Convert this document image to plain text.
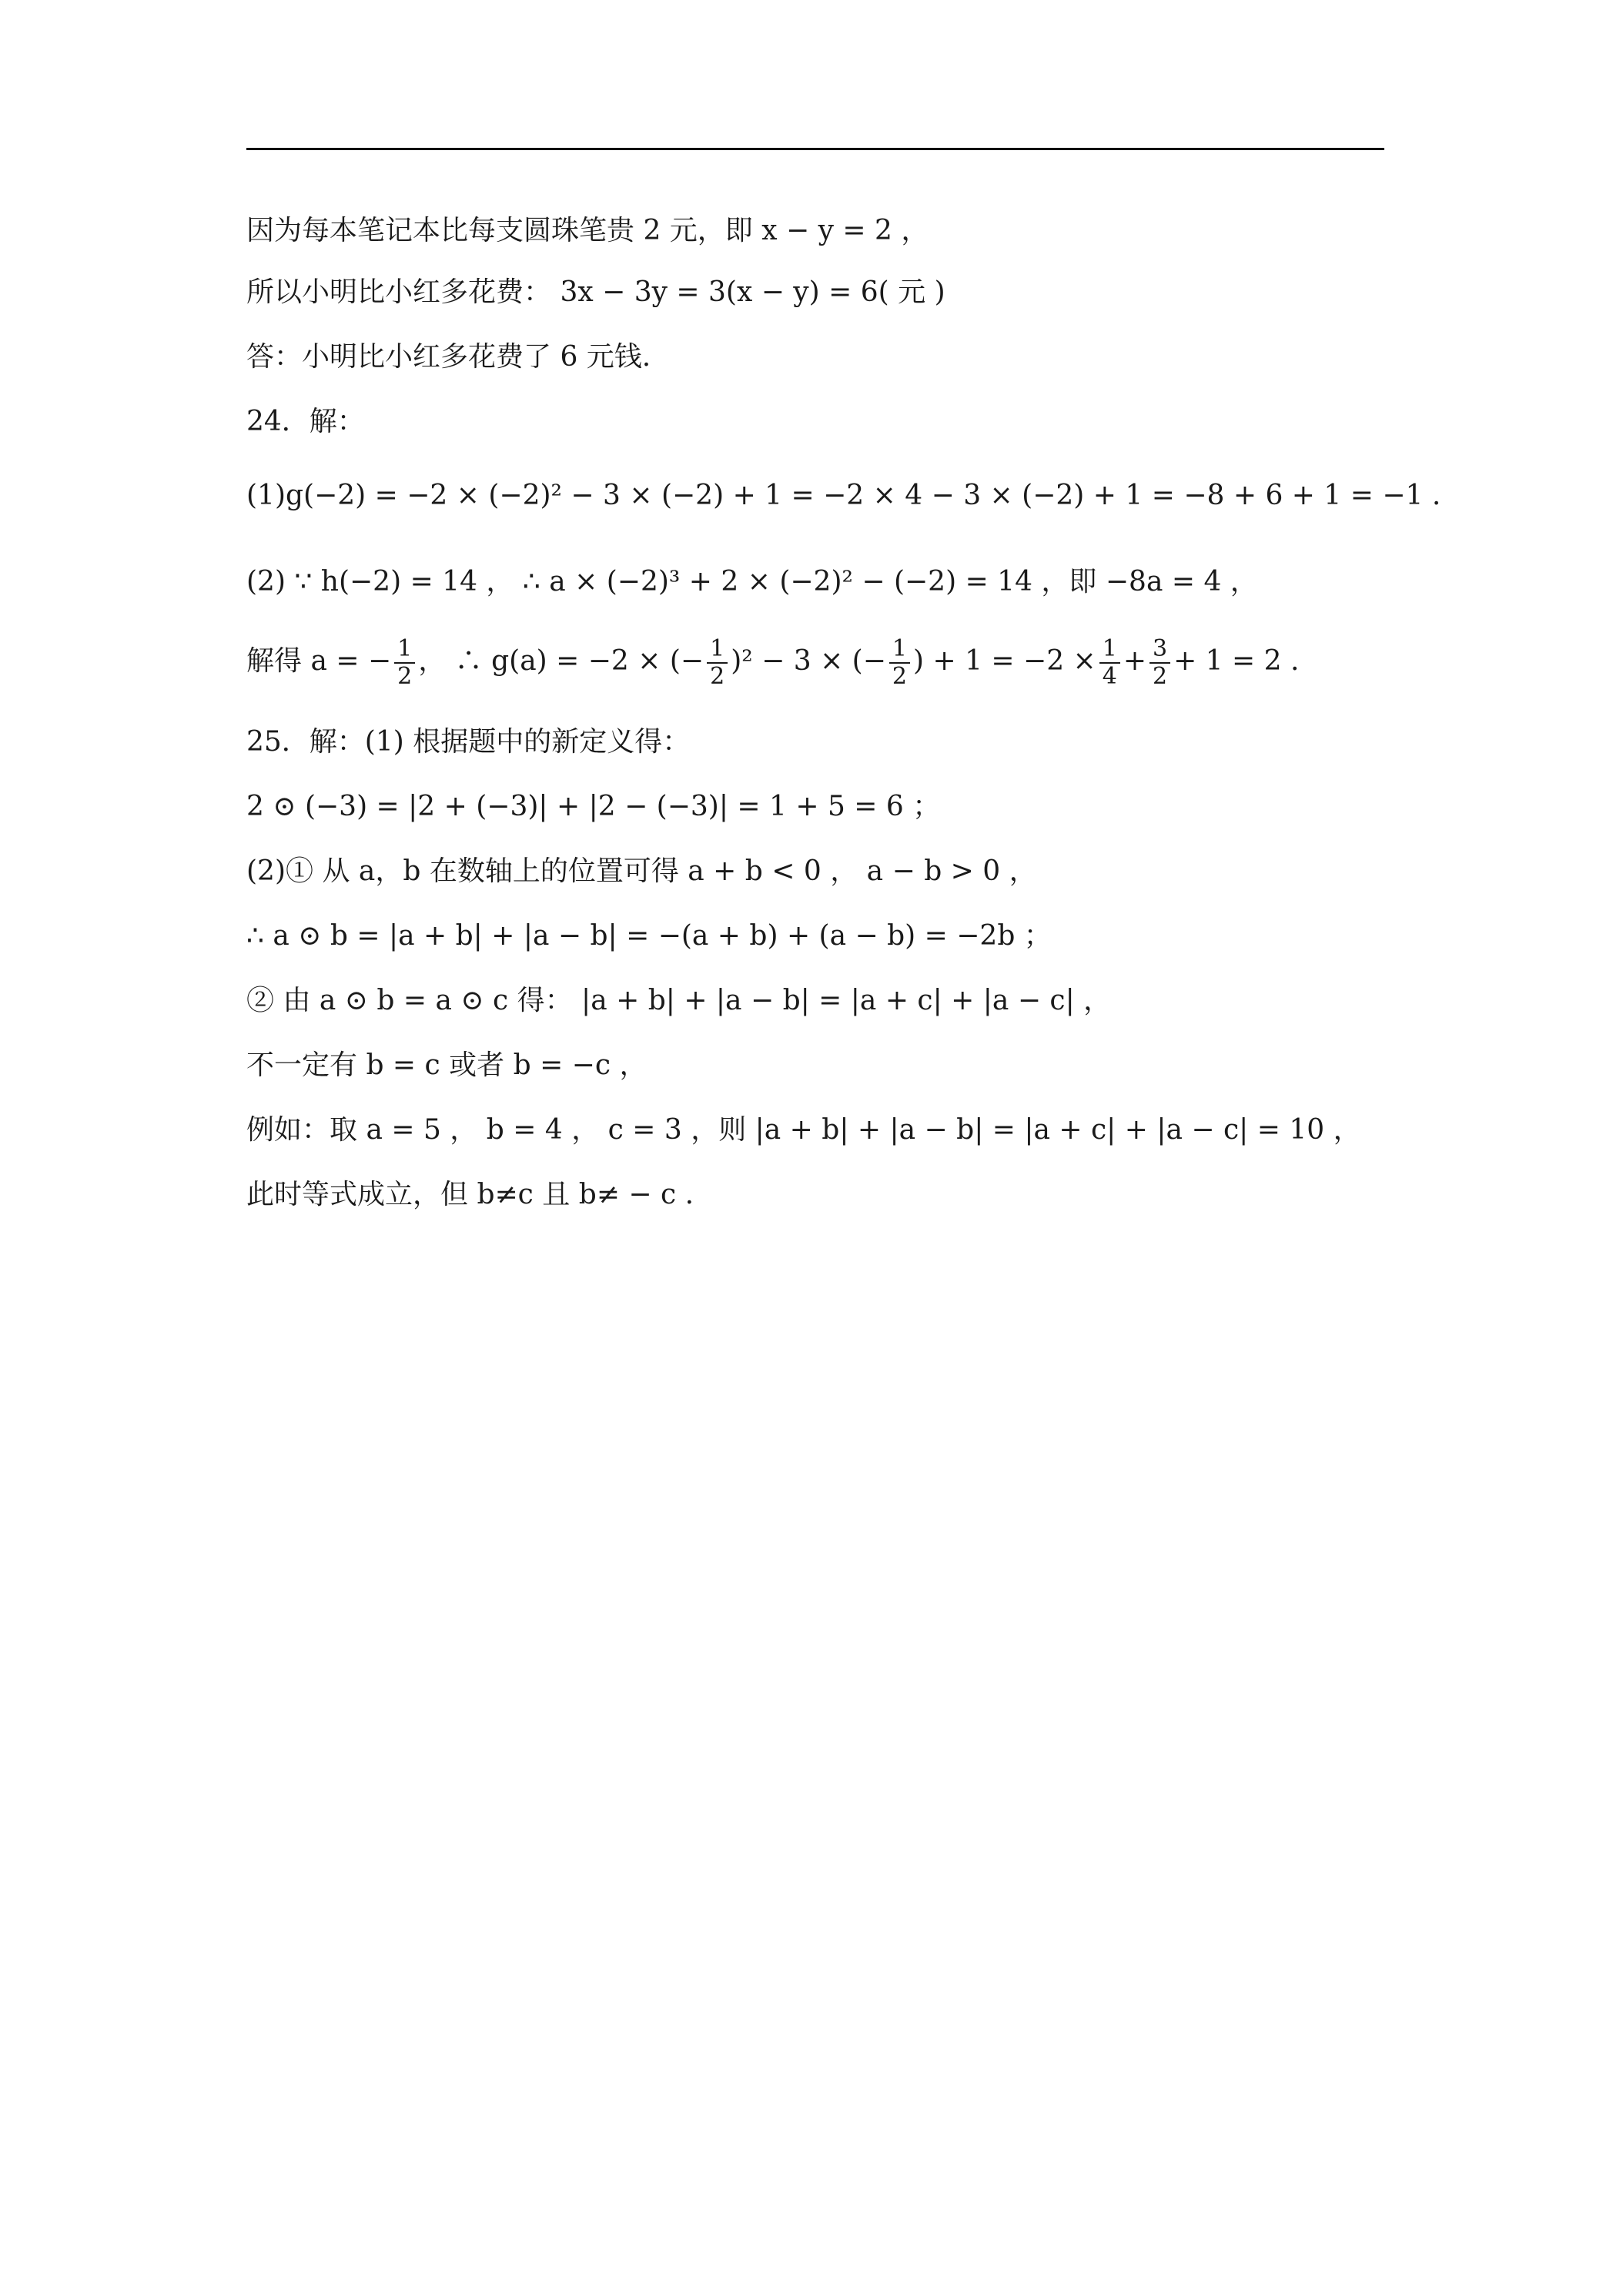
因为每本笔记本比每支圆珠笔贵 2 元，即 x − y = 2 ，
所以小明比小红多花费： 3x − 3y = 3(x − y) = 6( 元 )
答：小明比小红多花费了 6 元钱.
24．解：
(1)g(−2) = −2 × (−2)² − 3 × (−2) + 1 = −2 × 4 − 3 × (−2) + 1 = −8 + 6 + 1 = −1 .
(2) ∵ h(−2) = 14 ， ∴ a × (−2)³ + 2 × (−2)² − (−2) = 14 ，即 −8a = 4 ，
解得 a = − $\frac{1}{2}$ ， ∴ g(a) = −2 × (− $\frac{1}{2} )^2 - 3$ × (− $\frac{1}{2}$ ) + $1 = -2 \times \frac{1}{4} + \frac{3}{2} + 1 = 2$ .
25．解：(1) 根据题中的新定义得：
2 ⊙ (−3) = |2 + (−3)| + |2 − (−3)| = 1 + 5 = 6 ；
(2)① 从 a，b 在数轴上的位置可得 a + b < 0 ， a − b > 0 ，
∴ a ⊙ b = |a + b| + |a − b| = −(a + b) + (a − b) = −2b ；
② 由 a ⊙ b = a ⊙ c 得： |a + b| + |a − b| = |a + c| + |a − c| ，
不一定有 b = c 或者 b = −c ，
例如：取 a = 5 ， b = 4 ， c = 3 ，则 |a + b| + |a − b| = |a + c| + |a − c| = 10 ，
此时等式成立，但 b≠c 且 b≠ − c .
